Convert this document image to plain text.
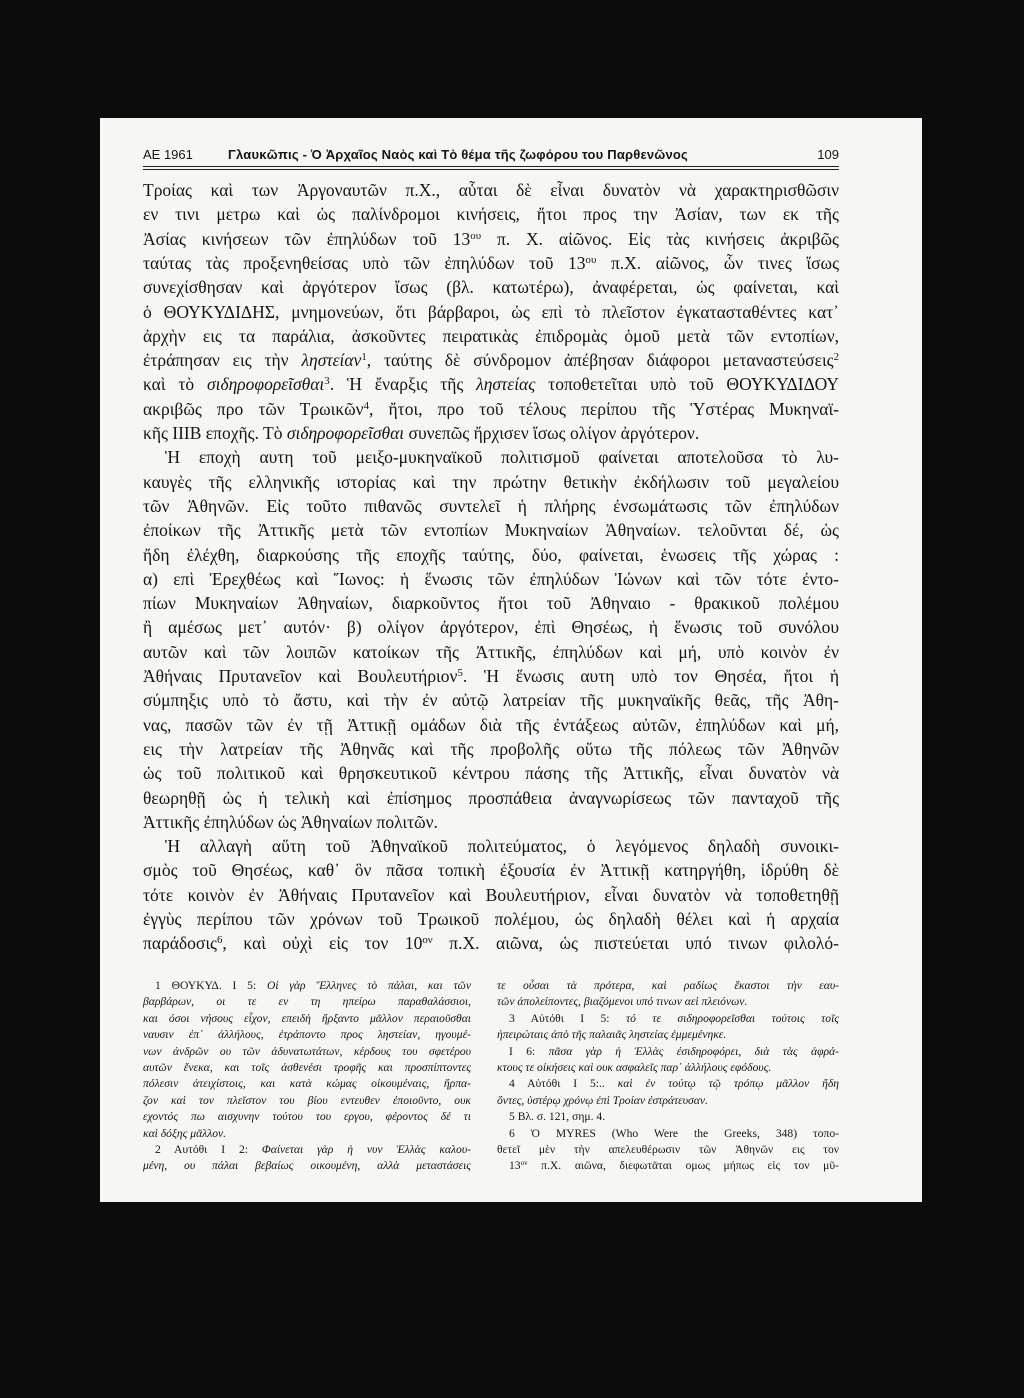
ΑΕ 1961	Γλαυκῶπις - Ὁ Ἀρχαῖος Ναὸς καὶ Τὸ θέμα τῆς ζωφόρου του Παρθενῶνος	109
Τροίας καὶ των Ἀργοναυτῶν π.Χ., αὗται δὲ εἶναι δυνατὸν νὰ χαρακτηρισθῶσιν
εν τινι μετρω καὶ ὡς παλίνδρομοι κινήσεις, ἤτοι προς την Ἀσίαν, των εκ τῆς
Ἀσίας κινήσεων τῶν ἐπηλύδων τοῦ $13^{o\upsilon}$ π. Χ. αἰῶνος. Εἰς τὰς κινήσεις ἀκριβῶς
ταύτας τὰς προξενηθείσας υπὸ τῶν ἐπηλύδων τοῦ $13^{o\upsilon}$ π.Χ. αἰῶνος, ὧν τινες ἴσως
συνεχίσθησαν καὶ ἀργότερον ἴσως (βλ. κατωτέρω), ἀναφέρεται, ὡς φαίνεται, καὶ
ὁ ΘΟΥΚΥΔΙΔΗΣ, μνημονεύων, ὅτι βάρβαροι, ὡς επὶ τὸ πλεῖστον ἐγκατασταθέντες κατ᾿
ἀρχὴν εις τα παράλια, ἀσκοῦντες πειρατικὰς ἐπιδρομὰς ὁμοῦ μετὰ τῶν εντοπίων,
ἐτράπησαν εις τὴν ληστείαν$^1$, ταύτης δὲ σύνδρομον ἀπέβησαν διάφοροι μεταναστεύσεις$^2$
καὶ τὸ σιδηροφορεῖσθαι$^3$. Ἡ ἔναρξις τῆς ληστείας τοποθετεῖται υπὸ τοῦ ΘΟΥΚΥΔΙΔΟΥ
ακριβῶς προ τῶν Τρωικῶν$^4$, ἤτοι, προ τοῦ τέλους περίπου τῆς Ὑστέρας Μυκηναϊ-
κῆς IIIB εποχῆς. Τὸ σιδηροφορεῖσθαι συνεπῶς ἤρχισεν ἴσως ολίγον ἀργότερον.
Ἡ εποχὴ αυτη τοῦ μειξο-μυκηναϊκοῦ πολιτισμοῦ φαίνεται αποτελοῦσα τὸ λυ-
καυγὲς τῆς ελληνικῆς ιστορίας καὶ την πρώτην θετικὴν ἐκδήλωσιν τοῦ μεγαλείου
τῶν Ἀθηνῶν. Εἰς τοῦτο πιθανῶς συντελεῖ ἡ πλήρης ἐνσωμάτωσις τῶν ἐπηλύδων
ἐποίκων τῆς Ἀττικῆς μετὰ τῶν εντοπίων Μυκηναίων Ἀθηναίων. τελοῦνται δέ, ὡς
ἤδη ἐλέχθη, διαρκούσης τῆς εποχῆς ταύτης, δύο, φαίνεται, ἑνωσεις τῆς χώρας :
α) επὶ Ἐρεχθέως καὶ Ἴωνος: ἡ ἕνωσις τῶν ἐπηλύδων Ἰώνων καὶ τῶν τότε ἐντο-
πίων Μυκηναίων Ἀθηναίων, διαρκοῦντος ἤτοι τοῦ Ἀθηναιο - θρακικοῦ πολέμου
ἢ αμέσως μετ᾿ αυτόν· β) ολίγον ἀργότερον, ἐπὶ Θησέως, ἡ ἕνωσις τοῦ συνόλου
αυτῶν καὶ τῶν λοιπῶν κατοίκων τῆς Ἀττικῆς, ἐπηλύδων καὶ μή, υπὸ κοινὸν ἐν
Ἀθήναις Πρυτανεῖον καὶ Βουλευτήριον$^5$. Ἡ ἕνωσις αυτη υπὸ τον Θησέα, ἤτοι ἡ
σύμπηξις υπὸ τὸ ἄστυ, καὶ τὴν ἐν αὐτῷ λατρείαν τῆς μυκηναϊκῆς θεᾶς, τῆς Ἀθη-
νας, πασῶν τῶν ἐν τῇ Ἀττικῇ ομάδων διὰ τῆς ἐντάξεως αὐτῶν, ἐπηλύδων καὶ μή,
εις τὴν λατρείαν τῆς Ἀθηνᾶς καὶ τῆς προβολῆς οὕτω τῆς πόλεως τῶν Ἀθηνῶν
ὡς τοῦ πολιτικοῦ καὶ θρησκευτικοῦ κέντρου πάσης τῆς Ἀττικῆς, εἶναι δυνατὸν νὰ
θεωρηθῇ ὡς ἡ τελικὴ καὶ ἐπίσημος προσπάθεια ἀναγνωρίσεως τῶν πανταχοῦ τῆς
Ἀττικῆς ἐπηλύδων ὡς Ἀθηναίων πολιτῶν.
Ἡ αλλαγὴ αὕτη τοῦ Ἀθηναϊκοῦ πολιτεύματος, ὁ λεγόμενος δηλαδὴ συνοικι-
σμὸς τοῦ Θησέως, καθ᾿ ὃν πᾶσα τοπικὴ ἐξουσία ἐν Ἀττικῇ κατηργήθη, ἱδρύθη δὲ
τότε κοινὸν ἐν Ἀθήναις Πρυτανεῖον καὶ Βουλευτήριον, εἶναι δυνατὸν νὰ τοποθετηθῇ
ἐγγὺς περίπου τῶν χρόνων τοῦ Τρωικοῦ πολέμου, ὡς δηλαδὴ θέλει καὶ ἡ αρχαία
παράδοσις$^6$, καὶ οὐχὶ εἰς τον $10^{o\nu}$ π.Χ. αιῶνα, ὡς πιστεύεται υπό τινων φιλολό-
1 ΘΟΥΚΥΔ. I 5: Οἱ γὰρ Ἕλληνες τὸ πάλαι, και τῶν
βαρβάρων, οι τε εν τη ηπείρω παραθαλάσσιοι,
και όσοι νήσους εἶχον, επειδὴ ἤρξαντο μᾶλλον περαιοῦσθαι
ναυσιν ἐπ᾿ ἀλλήλους, ἐτράποντο προς ληστείαν, ηγουμέ-
νων ἀνδρῶν ου τῶν ἀδυνατωτάτων, κέρδους του σφετέρου
αυτῶν ἕνεκα, και τοῖς ἀσθενέσι τροφῆς και προσπίπτοντες
πόλεσιν ἀτειχίστοις, και κατὰ κώμας οἰκουμέναις, ἥρπα-
ζον καὶ τον πλεῖστον του βίου εντευθεν ἐποιοῦντο, ουκ
εχοντός πω αισχυνην τούτου του εργου, φέροντος δέ τι
καὶ δόξης μᾶλλον.
2 Αυτόθι I 2: Φαίνεται γὰρ ἡ νυν Ἑλλὰς καλου-
μένη, ου πάλαι βεβαίως οικουμένη, αλλὰ μεταστάσεις
τε οὖσαι τὰ πρότερα, καὶ ραδίως ἕκαστοι τὴν εαυ-
τῶν ἀπολείποντες, βιαζόμενοι υπό τινων αεὶ πλειόνων.
3 Αὐτόθι I 5: τό τε σιδηροφορεῖσθαι τούτοις τοῖς
ἠπειρώταις ἀπὸ τῆς παλαιᾶς ληστείας ἐμμεμένηκε.
I 6: πᾶσα γὰρ ἡ Ἑλλὰς ἐσιδηροφόρει, διὰ τὰς ἀφρά-
κτους τε οἰκήσεις καὶ ουκ ασφαλεῖς παρ᾿ ἀλλήλους εφόδους.
4 Αὐτόθι I 5:.. καὶ ἐν τούτῳ τῷ τρόπῳ μᾶλλον ἤδη
ὄντες, ὑστέρῳ χρόνῳ ἐπὶ Τροίαν ἐστράτευσαν.
5 Βλ. σ. 121, σημ. 4.
6 Ὁ MYRES (Who Were the Greeks, 348) τοπο-
θετεῖ μὲν τὴν απελευθέρωσιν τῶν Ἀθηνῶν εις τον
$13^{o\nu}$ π.Χ. αιῶνα, διεφωτᾶται ομως μήπως εἰς τον μῦ-
